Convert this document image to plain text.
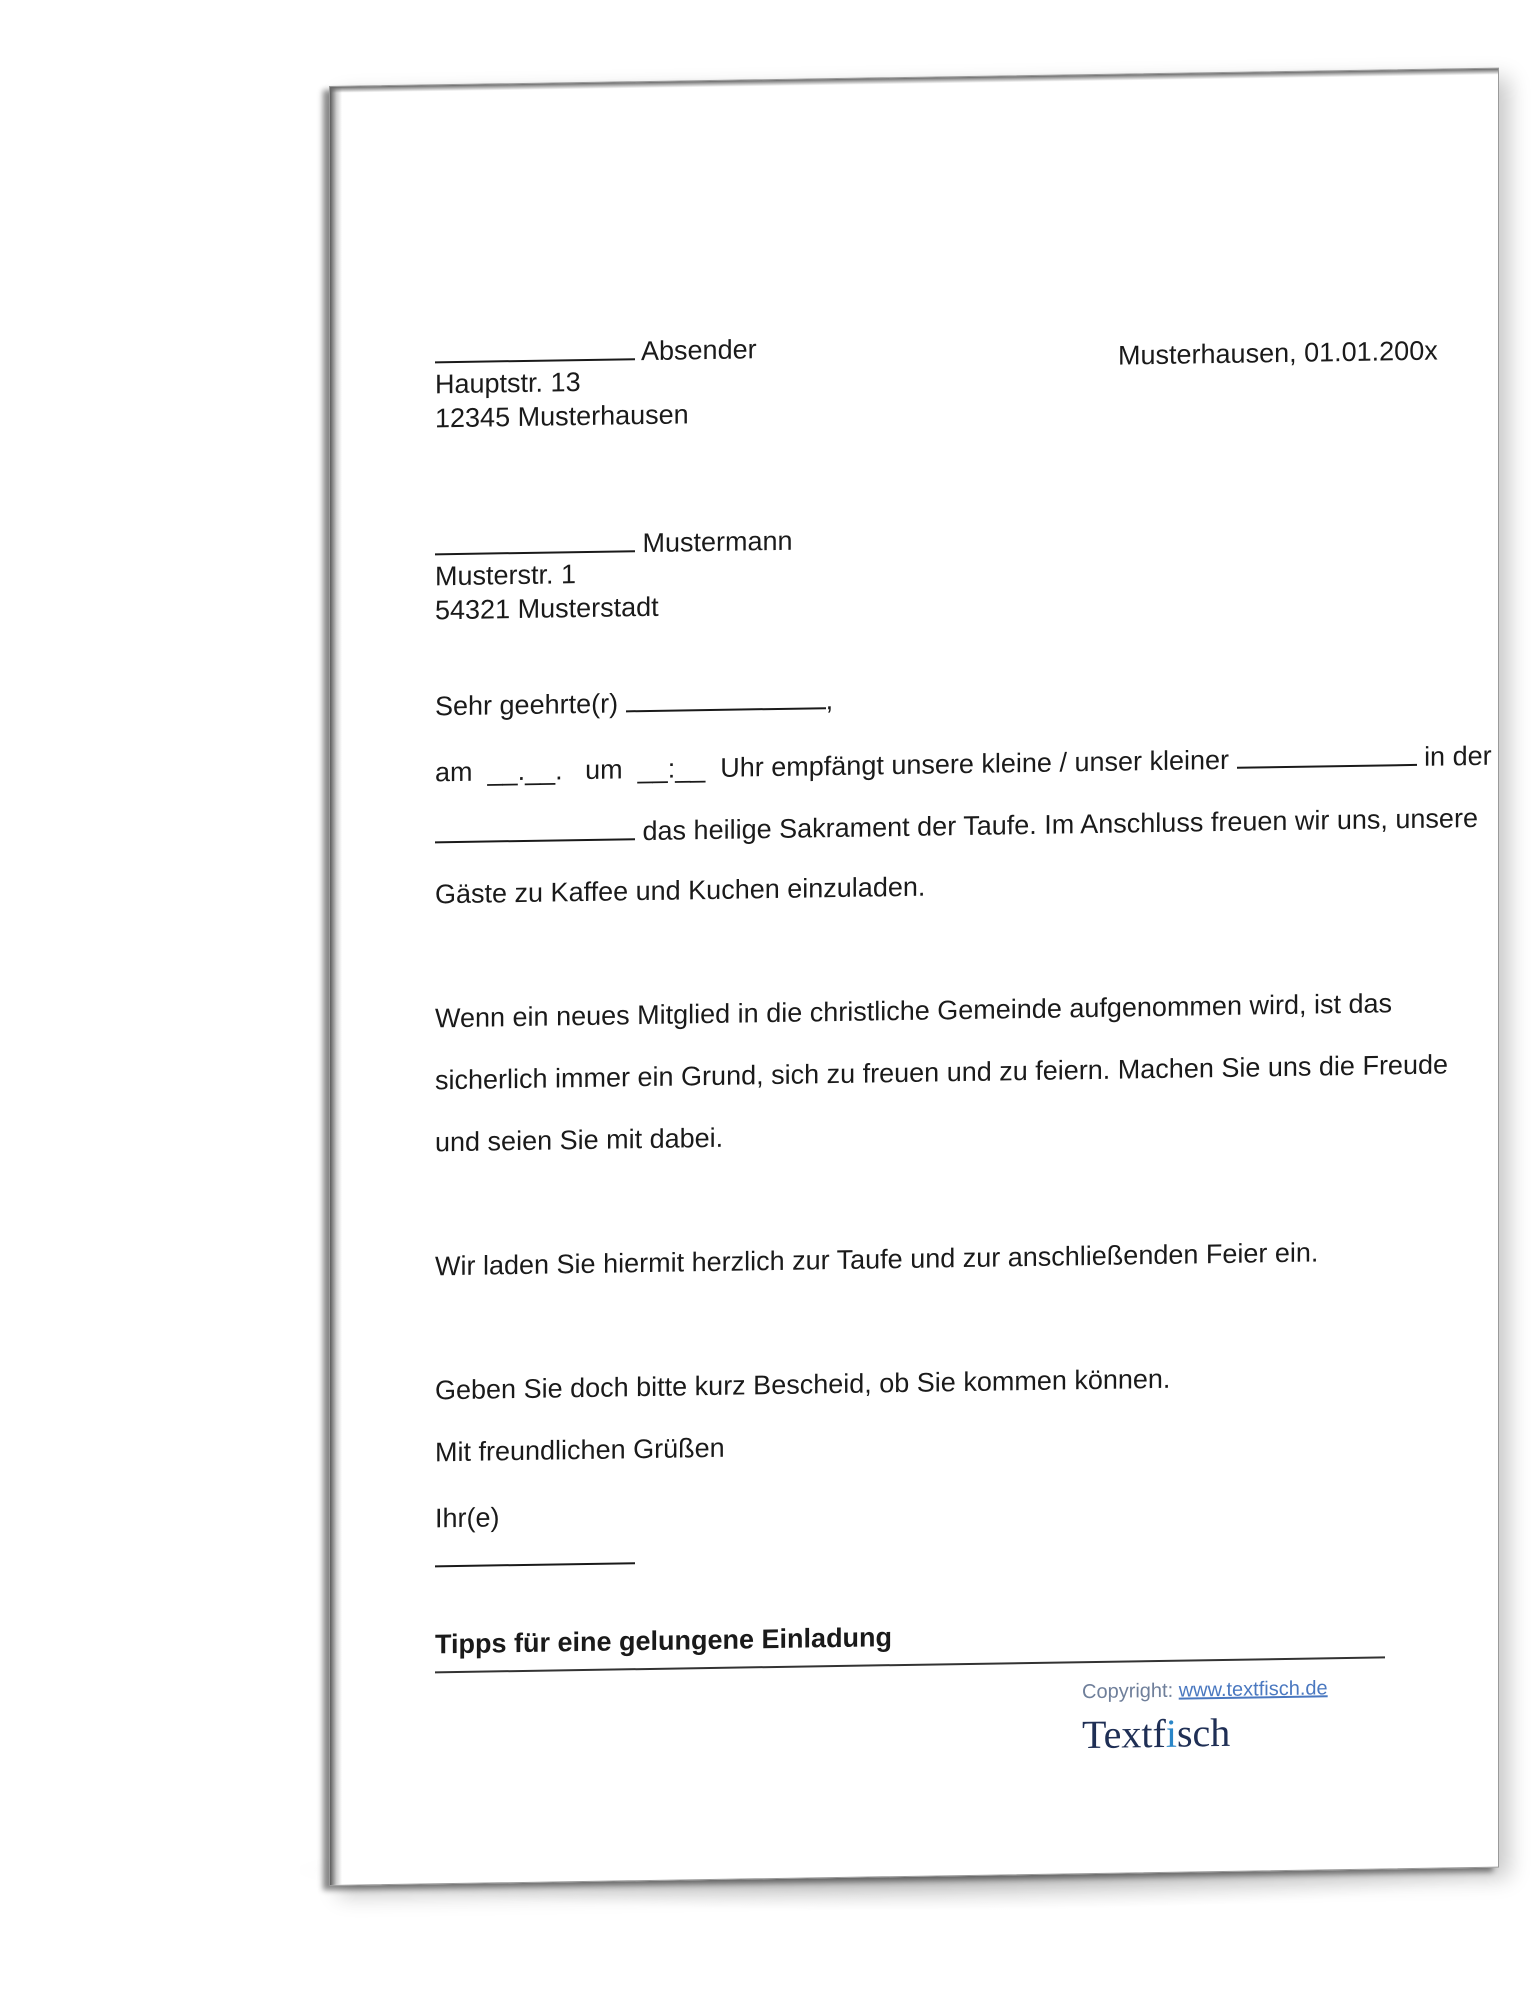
Absender
Hauptstr. 13
12345 Musterhausen
Musterhausen, 01.01.200x
Mustermann
Musterstr. 1
54321 Musterstadt
Sehr geehrte(r)	,
am __.__. um __:__ Uhr empfängt unsere kleine / unser kleiner	in der
das heilige Sakrament der Taufe. Im Anschluss freuen wir uns, unsere
Gäste zu Kaffee und Kuchen einzuladen.
Wenn ein neues Mitglied in die christliche Gemeinde aufgenommen wird, ist das
sicherlich immer ein Grund, sich zu freuen und zu feiern. Machen Sie uns die Freude
und seien Sie mit dabei.
Wir laden Sie hiermit herzlich zur Taufe und zur anschließenden Feier ein.
Geben Sie doch bitte kurz Bescheid, ob Sie kommen können.
Mit freundlichen Grüßen
Ihr(e)
Tipps für eine gelungene Einladung
Copyright: www.textfisch.de
Textfisch
